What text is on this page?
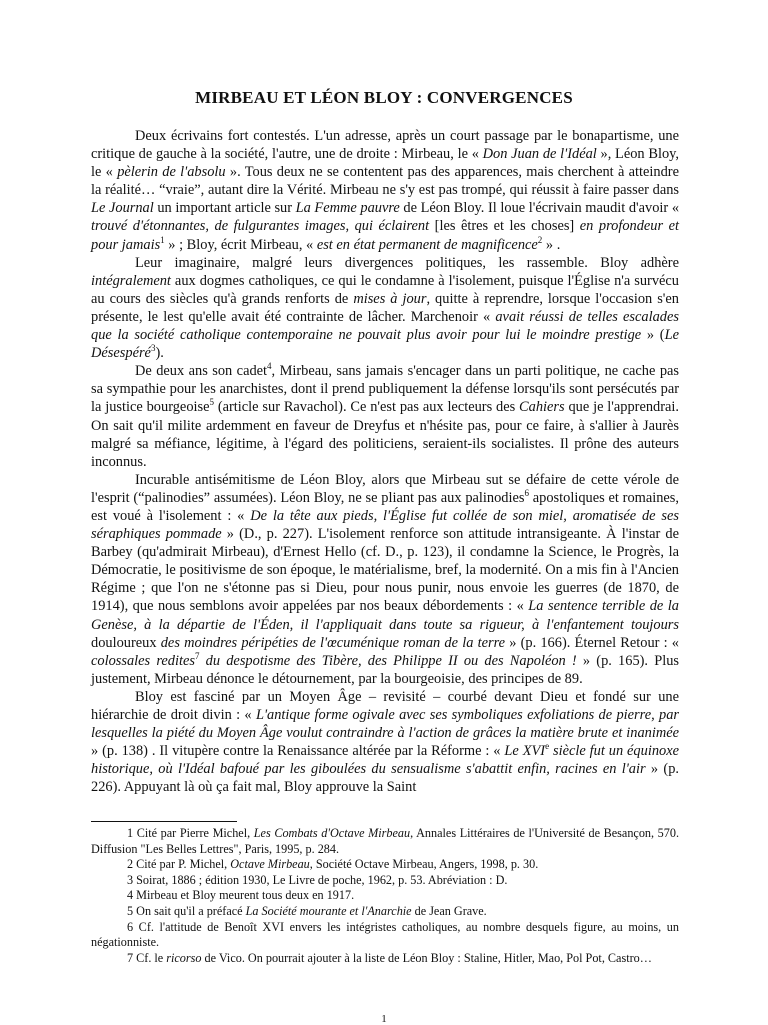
MIRBEAU ET LÉON BLOY : CONVERGENCES

Deux écrivains fort contestés. L'un adresse, après un court passage par le bonapartisme, une critique de gauche à la société, l'autre, une de droite : Mirbeau, le « Don Juan de l'Idéal », Léon Bloy, le « pèlerin de l'absolu ». Tous deux ne se contentent pas des apparences, mais cherchent à atteindre la réalité… “vraie”, autant dire la Vérité. Mirbeau ne s'y est pas trompé, qui réussit à faire passer dans Le Journal un important article sur La Femme pauvre de Léon Bloy. Il loue l'écrivain maudit d'avoir « trouvé d'étonnantes, de fulgurantes images, qui éclairent [les êtres et les choses] en profondeur et pour jamais$^1$ » ; Bloy, écrit Mirbeau, « est en état permanent de magnificence$^2$ » .

Leur imaginaire, malgré leurs divergences politiques, les rassemble. Bloy adhère intégralement aux dogmes catholiques, ce qui le condamne à l'isolement, puisque l'Église n'a survécu au cours des siècles qu'à grands renforts de mises à jour, quitte à reprendre, lorsque l'occasion s'en présente, le lest qu'elle avait été contrainte de lâcher. Marchenoir « avait réussi de telles escalades que la société catholique contemporaine ne pouvait plus avoir pour lui le moindre prestige » (Le Désespéré$^3$).

De deux ans son cadet$^4$, Mirbeau, sans jamais s'encager dans un parti politique, ne cache pas sa sympathie pour les anarchistes, dont il prend publiquement la défense lorsqu'ils sont persécutés par la justice bourgeoise$^5$ (article sur Ravachol). Ce n'est pas aux lecteurs des Cahiers que je l'apprendrai. On sait qu'il milite ardemment en faveur de Dreyfus et n'hésite pas, pour ce faire, à s'allier à Jaurès malgré sa méfiance, légitime, à l'égard des politiciens, seraient-ils socialistes. Il prône des auteurs inconnus.

Incurable antisémitisme de Léon Bloy, alors que Mirbeau sut se défaire de cette vérole de l'esprit (“palinodies” assumées). Léon Bloy, ne se pliant pas aux palinodies$^6$ apostoliques et romaines, est voué à l'isolement : « De la tête aux pieds, l'Église fut collée de son miel, aromatisée de ses séraphiques pommade » (D., p. 227). L'isolement renforce son attitude intransigeante. À l'instar de Barbey (qu'admirait Mirbeau), d'Ernest Hello (cf. D., p. 123), il condamne la Science, le Progrès, la Démocratie, le positivisme de son époque, le matérialisme, bref, la modernité. On a mis fin à l'Ancien Régime ; que l'on ne s'étonne pas si Dieu, pour nous punir, nous envoie les guerres (de 1870, de 1914), que nous semblons avoir appelées par nos beaux débordements : « La sentence terrible de la Genèse, à la départie de l'Éden, il l'appliquait dans toute sa rigueur, à l'enfantement toujours douloureux des moindres péripéties de l'œcuménique roman de la terre » (p. 166). Éternel Retour : « colossales redites$^7$ du despotisme des Tibère, des Philippe II ou des Napoléon ! » (p. 165). Plus justement, Mirbeau dénonce le détournement, par la bourgeoisie, des principes de 89.

Bloy est fasciné par un Moyen Âge – revisité – courbé devant Dieu et fondé sur une hiérarchie de droit divin : « L'antique forme ogivale avec ses symboliques exfoliations de pierre, par lesquelles la piété du Moyen Âge voulut contraindre à l'action de grâces la matière brute et inanimée » (p. 138) . Il vitupère contre la Renaissance altérée par la Réforme : « Le XVIe siècle fut un équinoxe historique, où l'Idéal bafoué par les giboulées du sensualisme s'abattit enfin, racines en l'air » (p. 226). Appuyant là où ça fait mal, Bloy approuve la Saint

1 Cité par Pierre Michel, Les Combats d'Octave Mirbeau, Annales Littéraires de l'Université de Besançon, 570. Diffusion "Les Belles Lettres", Paris, 1995, p. 284.

2 Cité par P. Michel, Octave Mirbeau, Société Octave Mirbeau, Angers, 1998, p. 30.

3 Soirat, 1886 ; édition 1930, Le Livre de poche, 1962, p. 53. Abréviation : D.

4 Mirbeau et Bloy meurent tous deux en 1917.

5 On sait qu'il a préfacé La Société mourante et l'Anarchie de Jean Grave.

6 Cf. l'attitude de Benoît XVI envers les intégristes catholiques, au nombre desquels figure, au moins, un négationniste.

7 Cf. le ricorso de Vico. On pourrait ajouter à la liste de Léon Bloy : Staline, Hitler, Mao, Pol Pot, Castro…

1
